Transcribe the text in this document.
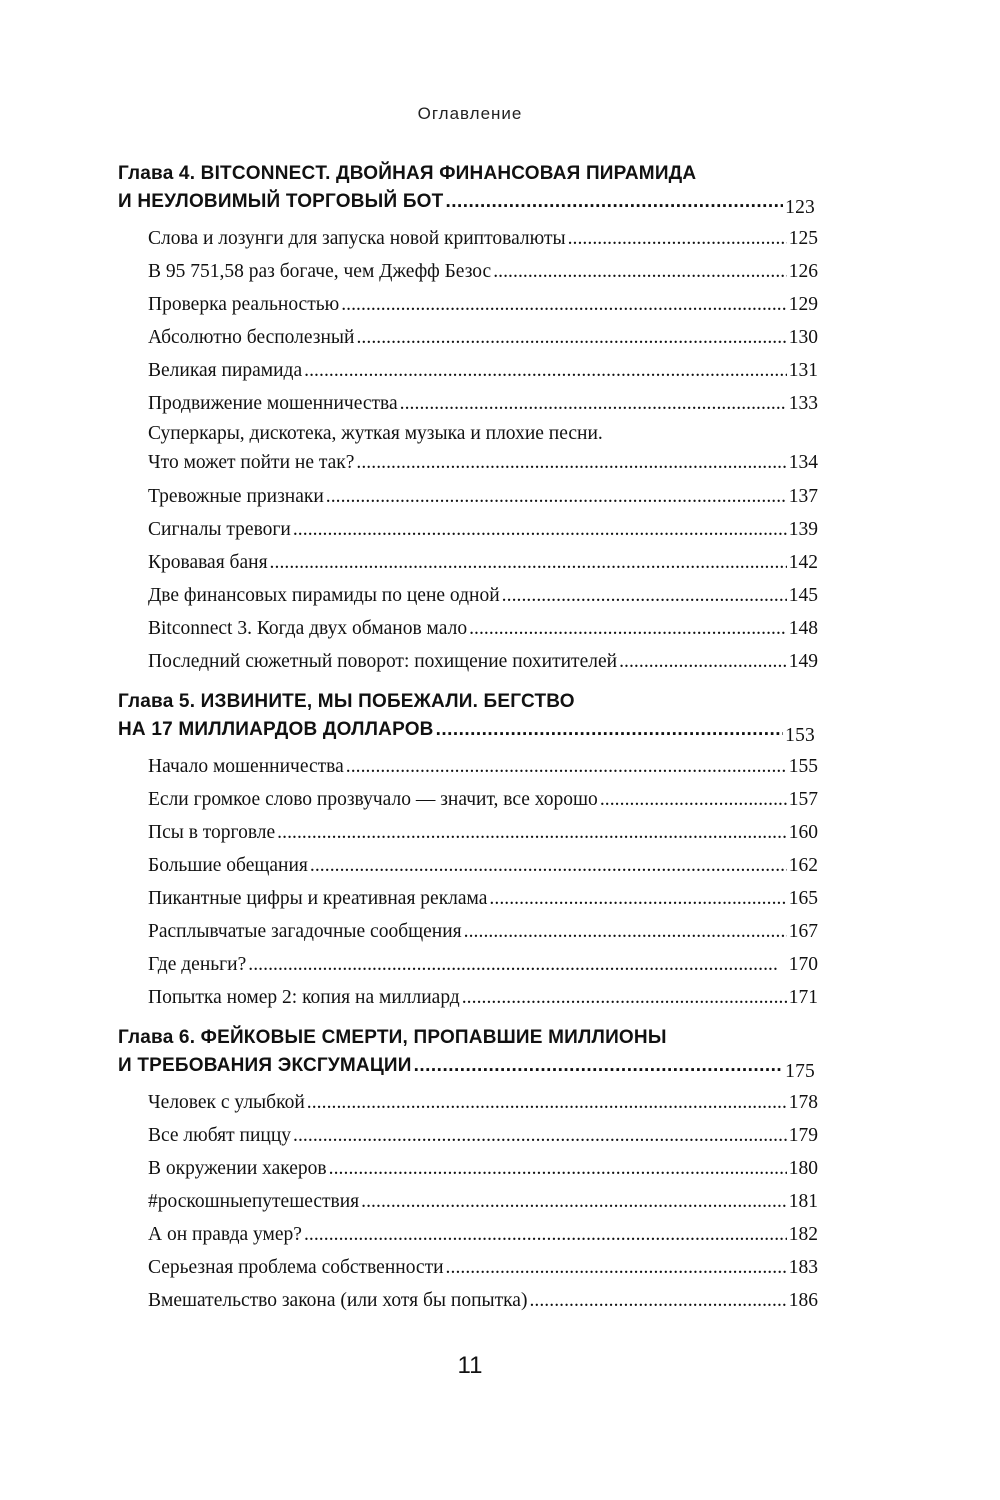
Оглавление
Глава 4. BITCONNECT. ДВОЙНАЯ ФИНАНСОВАЯ ПИРАМИДА
И НЕУЛОВИМЫЙ ТОРГОВЫЙ БОТ . . .	123
Слова и лозунги для запуска новой криптовалюты . . .	125
В 95 751,58 раз богаче, чем Джефф Безос . . .	126
Проверка реальностью . . .	129
Абсолютно бесполезный . . .	130
Великая пирамида . . .	131
Продвижение мошенничества . . .	133
Суперкары, дискотека, жуткая музыка и плохие песни.
Что может пойти не так? . . .	134
Тревожные признаки . . .	137
Сигналы тревоги . . .	139
Кровавая баня . . .	142
Две финансовых пирамиды по цене одной . . .	145
Bitconnect 3. Когда двух обманов мало . . .	148
Последний сюжетный поворот: похищение похитителей . . .	149
Глава 5. ИЗВИНИТЕ, МЫ ПОБЕЖАЛИ. БЕГСТВО
НА 17 МИЛЛИАРДОВ ДОЛЛАРОВ . . .	153
Начало мошенничества . . .	155
Если громкое слово прозвучало — значит, все хорошо . . .	157
Псы в торговле . . .	160
Большие обещания . . .	162
Пикантные цифры и креативная реклама . . .	165
Расплывчатые загадочные сообщения . . .	167
Где деньги? . . .	170
Попытка номер 2: копия на миллиард . . .	171
Глава 6. ФЕЙКОВЫЕ СМЕРТИ, ПРОПАВШИЕ МИЛЛИОНЫ
И ТРЕБОВАНИЯ ЭКСГУМАЦИИ . . .	175
Человек с улыбкой . . .	178
Все любят пиццу . . .	179
В окружении хакеров . . .	180
#роскошныепутешествия . . .	181
А он правда умер? . . .	182
Серьезная проблема собственности . . .	183
Вмешательство закона (или хотя бы попытка) . . .	186
11
